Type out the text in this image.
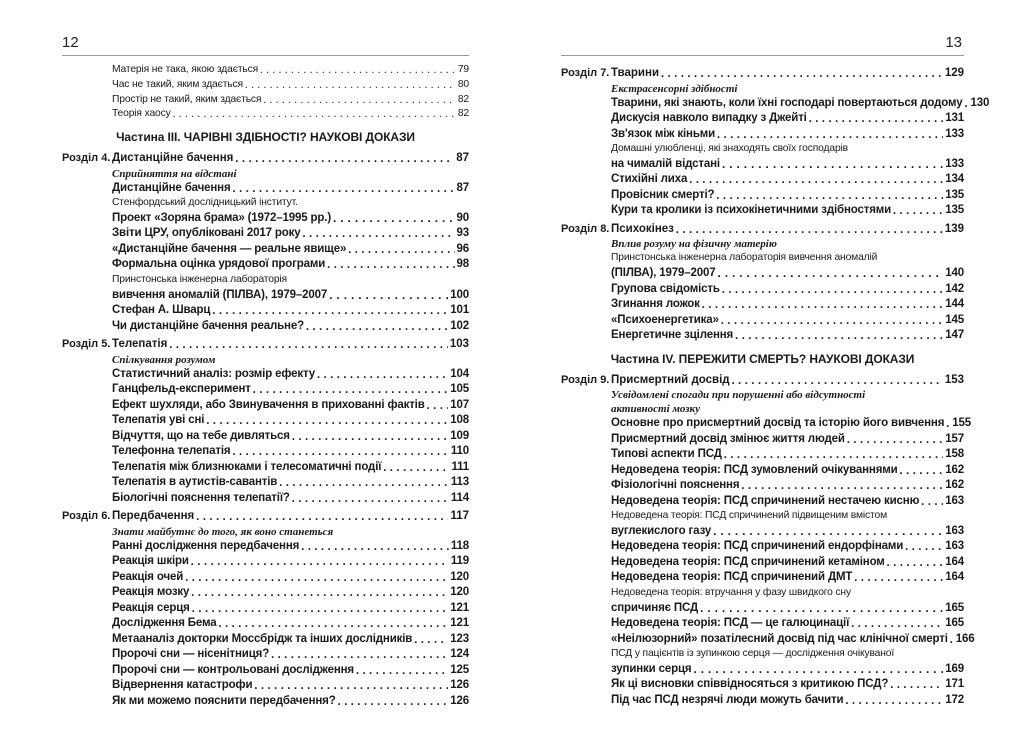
12
Матерія не така, якою здається . . .	79
Час не такий, яким здається . . .	80
Простір не такий, яким здається . . .	82
Теорія хаосу . . .	82
Частина III. ЧАРІВНІ ЗДІБНОСТІ? НАУКОВІ ДОКАЗИ
Розділ 4. Дистанційне бачення . . .	87
Сприйняття на відстані
Дистанційне бачення . . .	87
Стенфордський дослідницький інститут.
Проект «Зоряна брама» (1972–1995 рр.) . . .	90
Звіти ЦРУ, опубліковані 2017 року . . .	93
«Дистанційне бачення — реальне явище» . . .	96
Формальна оцінка урядової програми . . .	98
Принстонська інженерна лабораторія
вивчення аномалій (ПІЛВА), 1979–2007 . . .	100
Стефан А. Шварц . . .	101
Чи дистанційне бачення реальне? . . .	102
Розділ 5. Телепатія . . .	103
Спілкування розумом
Статистичний аналіз: розмір ефекту . . .	104
Ганцфельд-експеримент . . .	105
Ефект шухляди, або Звинувачення в прихованні фактів . . . 107
Телепатія уві сні . . .	108
Відчуття, що на тебе дивляться . . .	109
Телефонна телепатія . . .	110
Телепатія між близнюками і телесоматичні події . . .	111
Телепатія в аутистів-савантів . . .	113
Біологічні пояснення телепатії? . . .	114
Розділ 6. Передбачення . . .	117
Знати майбутнє до того, як воно станеться
Ранні дослідження передбачення . . .	118
Реакція шкіри . . .	119
Реакція очей . . .	120
Реакція мозку . . .	120
Реакція серця . . .	121
Дослідження Бема . . .	121
Метааналіз докторки Моссбрідж та інших дослідників . . .	123
Пророчі сни — нісенітниця? . . .	124
Пророчі сни — контрольовані дослідження . . .	125
Відвернення катастрофи . . .	126
Як ми можемо пояснити передбачення? . . .	126
13
Розділ 7. Тварини . . .	129
Екстрасенсорні здібності
Тварини, які знають, коли їхні господарі повертаються додому . . . 130
Дискусія навколо випадку з Джейті . . .	131
Зв'язок між кіньми . . .	133
Домашні улюбленці, які знаходять своїх господарів
на чималій відстані . . .	133
Стихійні лиха . . .	134
Провісник смерті? . . .	135
Кури та кролики із психокінетичними здібностями . . .	135
Розділ 8. Психокінез . . .	139
Вплив розуму на фізичну матерію
Принстонська інженерна лабораторія вивчення аномалій
(ПІЛВА), 1979–2007 . . .	140
Групова свідомість . . .	142
Згинання ложок . . .	144
«Психоенергетика» . . .	145
Енергетичне зцілення . . .	147
Частина IV. ПЕРЕЖИТИ СМЕРТЬ? НАУКОВІ ДОКАЗИ
Розділ 9. Присмертний досвід . . .	153
Усвідомлені спогади при порушенні або відсутності
активності мозку
Основне про присмертний досвід та історію його вивчення . . . 155
Присмертний досвід змінює життя людей . . .	157
Типові аспекти ПСД . . .	158
Недоведена теорія: ПСД зумовлений очікуваннями . . .	162
Фізіологічні пояснення . . .	162
Недоведена теорія: ПСД спричинений нестачею кисню . . . 163
Недоведена теорія: ПСД спричинений підвищеним вмістом
вуглекислого газу . . .	163
Недоведена теорія: ПСД спричинений ендорфінами . . .	163
Недоведена теорія: ПСД спричинений кетаміном . . .	164
Недоведена теорія: ПСД спричинений ДМТ . . .	164
Недоведена теорія: втручання у фазу швидкого сну
спричиняє ПСД . . .	165
Недоведена теорія: ПСД — це галюцинації . . .	165
«Неілюзорний» позатілесний досвід під час клінічної смерті . . . 166
ПСД у пацієнтів із зупинкою серця — дослідження очікуваної
зупинки серця . . .	169
Як ці висновки співвідносяться з критикою ПСД? . . .	171
Під час ПСД незрячі люди можуть бачити . . .	172
